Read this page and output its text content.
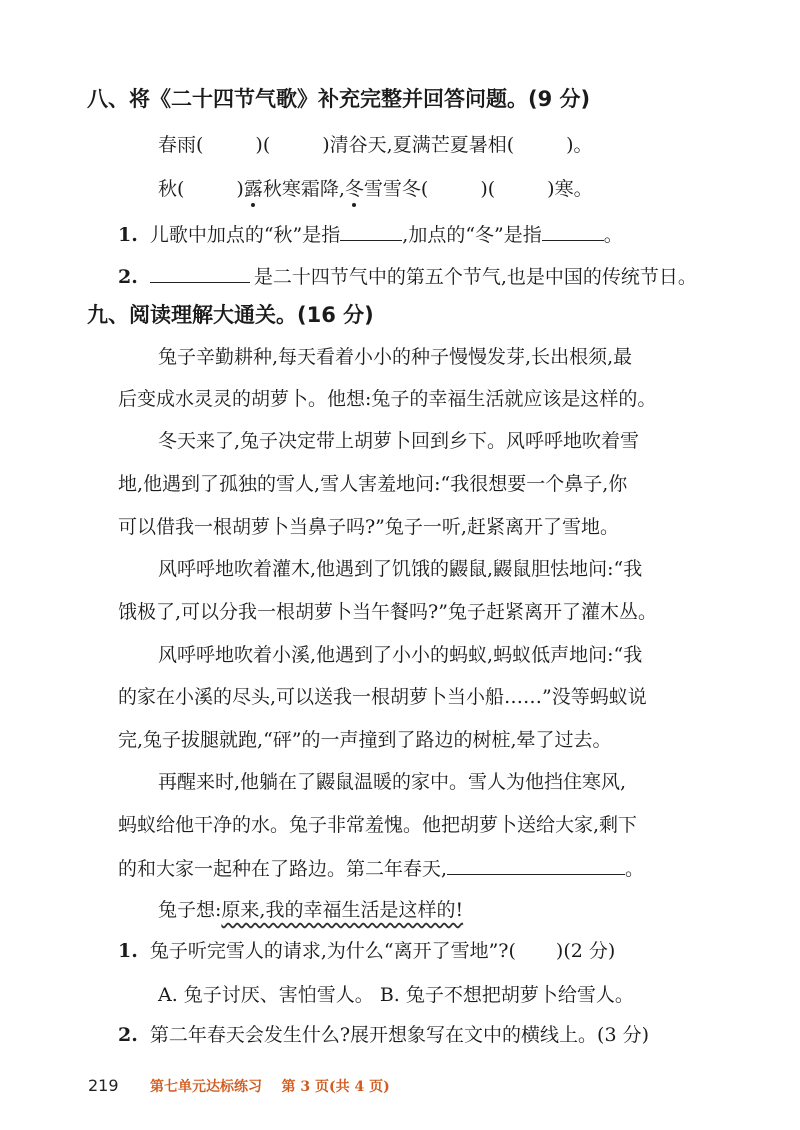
八、将《二十四节气歌》补充完整并回答问题。(9 分)
春雨(	)(	)清谷天,夏满芒夏暑相(	)。
秋(	)露秋寒霜降,冬雪雪冬(	)(	)寒。
1. 儿歌中加点的“秋”是指	,加点的“冬”是指	。
2.	是二十四节气中的第五个节气,也是中国的传统节日。
九、阅读理解大通关。(16 分)
兔子辛勤耕种,每天看着小小的种子慢慢发芽,长出根须,最
后变成水灵灵的胡萝卜。他想:兔子的幸福生活就应该是这样的。
冬天来了,兔子决定带上胡萝卜回到乡下。风呼呼地吹着雪
地,他遇到了孤独的雪人,雪人害羞地问:“我很想要一个鼻子,你
可以借我一根胡萝卜当鼻子吗?”兔子一听,赶紧离开了雪地。
风呼呼地吹着灌木,他遇到了饥饿的鼹鼠,鼹鼠胆怯地问:“我
饿极了,可以分我一根胡萝卜当午餐吗?”兔子赶紧离开了灌木丛。
风呼呼地吹着小溪,他遇到了小小的蚂蚁,蚂蚁低声地问:“我
的家在小溪的尽头,可以送我一根胡萝卜当小船……”没等蚂蚁说
完,兔子拔腿就跑,“砰”的一声撞到了路边的树桩,晕了过去。
再醒来时,他躺在了鼹鼠温暖的家中。雪人为他挡住寒风,
蚂蚁给他干净的水。兔子非常羞愧。他把胡萝卜送给大家,剩下
的和大家一起种在了路边。第二年春天,	。
兔子想:原来,我的幸福生活是这样的!
1. 兔子听完雪人的请求,为什么“离开了雪地”?( )(2 分)
A. 兔子讨厌、害怕雪人。 B. 兔子不想把胡萝卜给雪人。
2. 第二年春天会发生什么?展开想象写在文中的横线上。(3 分)
219 第七单元达标练习    第 3 页(共 4 页)
